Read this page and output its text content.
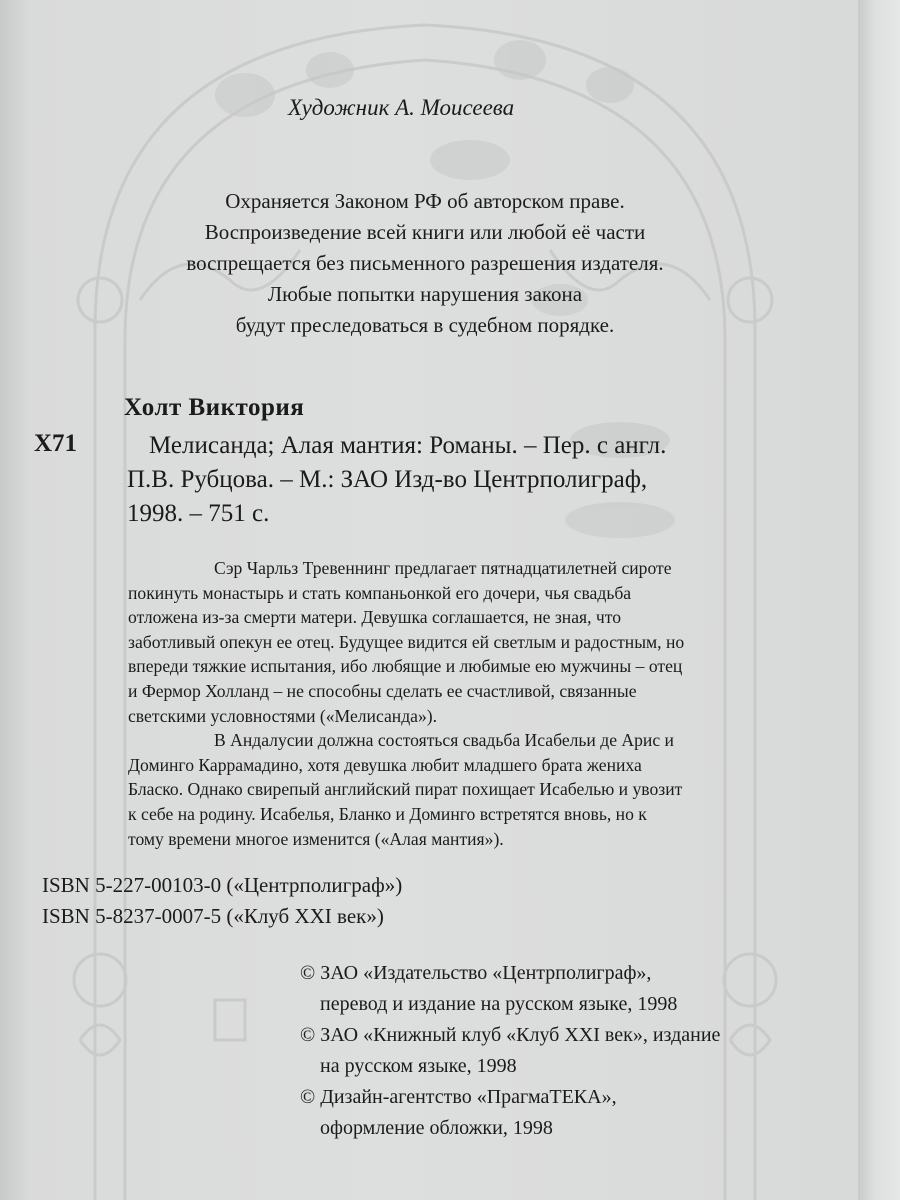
Художник А. Моисеева
Охраняется Законом РФ об авторском праве.
Воспроизведение всей книги или любой её части
воспрещается без письменного разрешения издателя.
Любые попытки нарушения закона
будут преследоваться в судебном порядке.
Холт Виктория
Х71	Мелисанда; Алая мантия: Романы. – Пер. с англ.
П.В. Рубцова. – М.: ЗАО Изд-во Центрполиграф,
1998. – 751 с.
Сэр Чарльз Тревеннинг предлагает пятнадцатилетней сироте
покинуть монастырь и стать компаньонкой его дочери, чья свадьба
отложена из-за смерти матери. Девушка соглашается, не зная, что
заботливый опекун ее отец. Будущее видится ей светлым и радостным, но
впереди тяжкие испытания, ибо любящие и любимые ею мужчины – отец
и Фермор Холланд – не способны сделать ее счастливой, связанные
светскими условностями («Мелисанда»).
В Андалусии должна состояться свадьба Исабельи де Арис и
Доминго Каррамадино, хотя девушка любит младшего брата жениха
Бласко. Однако свирепый английский пират похищает Исабелью и увозит
к себе на родину. Исабелья, Бланко и Доминго встретятся вновь, но к
тому времени многое изменится («Алая мантия»).
ISBN 5-227-00103-0 («Центрполиграф»)
ISBN 5-8237-0007-5 («Клуб XXI век»)
© ЗАО «Издательство «Центрполиграф»,
перевод и издание на русском языке, 1998
© ЗАО «Книжный клуб «Клуб XXI век», издание
на русском языке, 1998
© Дизайн-агентство «ПрагмаТЕКА»,
оформление обложки, 1998
